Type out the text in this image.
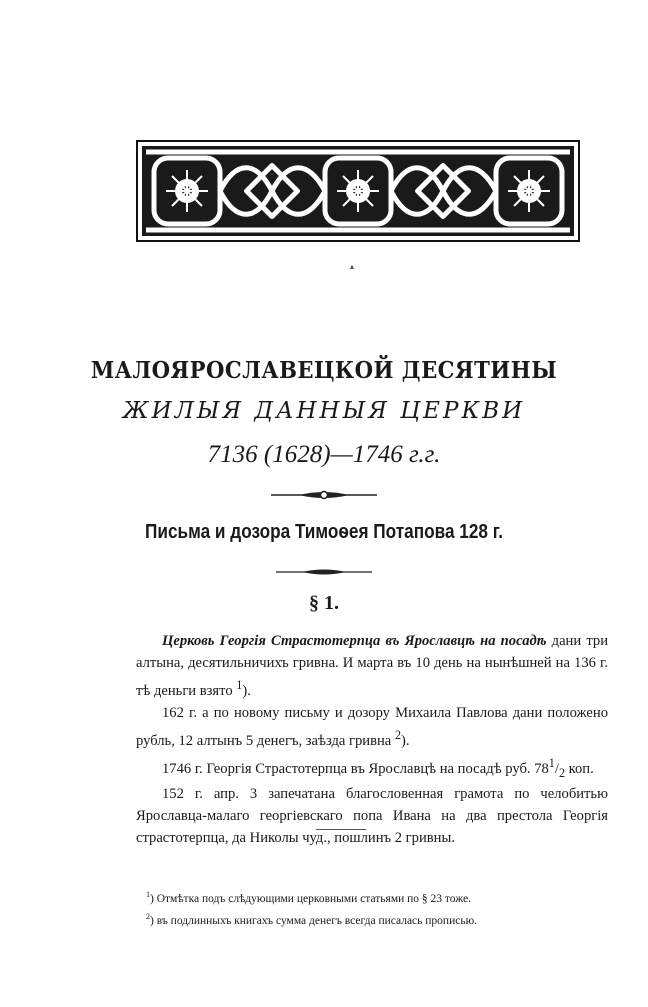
▴
МАЛОЯРОСЛАВЕЦКОЙ ДЕСЯТИНЫ
ЖИЛЫЯ ДАННЫЯ ЦЕРКВИ
7136 (1628)—1746 г.г.
Письма и дозора Тимоѳея Потапова 128 г.
§ 1.

Церковь Георгія Страстотерпца въ Ярославцѣ на посадѣ дани три алтына, десятильничихъ гривна. И марта въ 10 день на нынѣшней на 136 г. тѣ деньги взято $^1$).

162 г. а по новому письму и дозору Михаила Павлова дани положено рубль, 12 алтынъ 5 денегъ, заѣзда гривна $^2$).

1746 г. Георгія Страстотерпца въ Ярославцѣ на посадѣ руб. $78^1/_2$ коп.

152 г. апр. 3 запечатана благословенная грамота по челобитью Ярославца-малаго георгіевскаго попа Ивана на два престола Георгія страстотерпца, да Николы чуд., пошлинъ 2 гривны.

$^1$) Отмѣтка подъ слѣдующими церковными статьями по § 23 тоже.
$^2$) въ подлинныхъ книгахъ сумма денегъ всегда писалась прописью.
